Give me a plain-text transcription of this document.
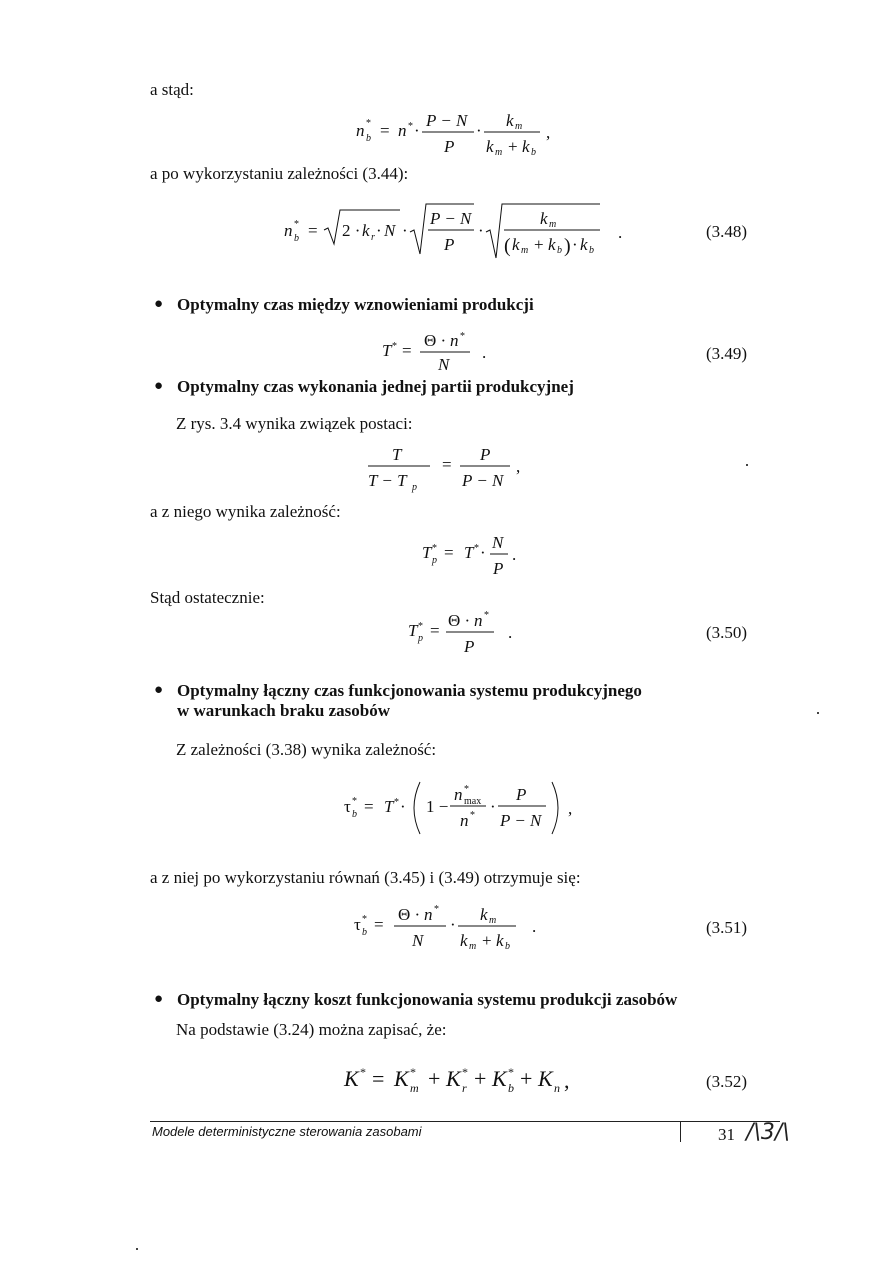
a stąd:
n *
b = n * ·
P − N
P
·
k m
k m + k b
,
a po wykorzystaniu zależności (3.44):
n *
b = 2 · k r · N ·
P − N
P
·
k m
( k m + k b ) · k b
.	(3.48)
● Optymalny czas między wznowieniami produkcji
T * =
Θ · n *
N
.	(3.49)
● Optymalny czas wykonania jednej partii produkcyjnej
Z rys. 3.4 wynika związek postaci:
T
T − T p
=
P
P − N
,
a z niego wynika zależność:
T *
p = T * ·
N
P
.
Stąd ostatecznie:
T *
p =
Θ · n *
P
.	(3.50)
● Optymalny łączny czas funkcjonowania systemu produkcyjnego
w warunkach braku zasobów
Z zależności (3.38) wynika zależność:
τ *
b = T * · 1 −
n *
max
n * ·
P
P − N
,
a z niej po wykorzystaniu równań (3.45) i (3.49) otrzymuje się:
τ *
b =
Θ · n *
N
·
k m
k m + k b
.	(3.51)
● Optymalny łączny koszt funkcjonowania systemu produkcji zasobów
Na podstawie (3.24) można zapisać, że:
K * = K *
m + K *
r + K *
b + K n ,	(3.52)
Modele deterministyczne sterowania zasobami	31 /\3/\
